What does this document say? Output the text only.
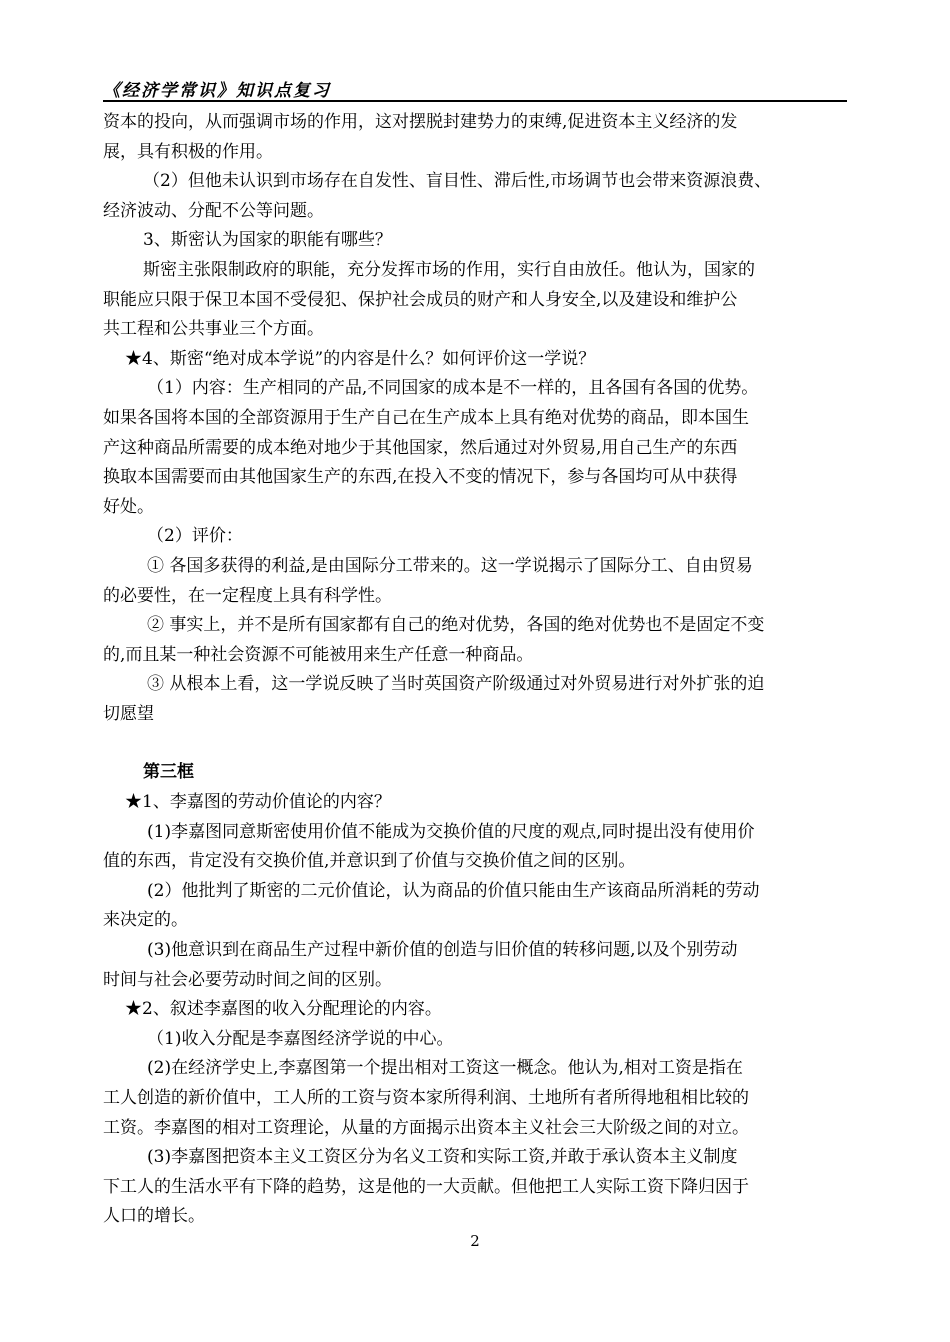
《经济学常识》知识点复习
资本的投向，从而强调市场的作用，这对摆脱封建势力的束缚,促进资本主义经济的发
展，具有积极的作用。
（2）但他未认识到市场存在自发性、盲目性、滞后性,市场调节也会带来资源浪费、
经济波动、分配不公等问题。
3、斯密认为国家的职能有哪些？
斯密主张限制政府的职能，充分发挥市场的作用，实行自由放任。他认为，国家的
职能应只限于保卫本国不受侵犯、保护社会成员的财产和人身安全,以及建设和维护公
共工程和公共事业三个方面。
★4、斯密“绝对成本学说”的内容是什么？如何评价这一学说？
（1）内容：生产相同的产品,不同国家的成本是不一样的，且各国有各国的优势。
如果各国将本国的全部资源用于生产自己在生产成本上具有绝对优势的商品，即本国生
产这种商品所需要的成本绝对地少于其他国家，然后通过对外贸易,用自己生产的东西
换取本国需要而由其他国家生产的东西,在投入不变的情况下，参与各国均可从中获得
好处。
（2）评价：
① 各国多获得的利益,是由国际分工带来的。这一学说揭示了国际分工、自由贸易
的必要性，在一定程度上具有科学性。
② 事实上，并不是所有国家都有自己的绝对优势，各国的绝对优势也不是固定不变
的,而且某一种社会资源不可能被用来生产任意一种商品。
③ 从根本上看，这一学说反映了当时英国资产阶级通过对外贸易进行对外扩张的迫
切愿望
第三框
★1、李嘉图的劳动价值论的内容？
(1)李嘉图同意斯密使用价值不能成为交换价值的尺度的观点,同时提出没有使用价
值的东西，肯定没有交换价值,并意识到了价值与交换价值之间的区别。
(2）他批判了斯密的二元价值论，认为商品的价值只能由生产该商品所消耗的劳动
来决定的。
(3)他意识到在商品生产过程中新价值的创造与旧价值的转移问题,以及个别劳动
时间与社会必要劳动时间之间的区别。
★2、叙述李嘉图的收入分配理论的内容。
（1)收入分配是李嘉图经济学说的中心。
(2)在经济学史上,李嘉图第一个提出相对工资这一概念。他认为,相对工资是指在
工人创造的新价值中，工人所的工资与资本家所得利润、土地所有者所得地租相比较的
工资。李嘉图的相对工资理论，从量的方面揭示出资本主义社会三大阶级之间的对立。
(3)李嘉图把资本主义工资区分为名义工资和实际工资,并敢于承认资本主义制度
下工人的生活水平有下降的趋势，这是他的一大贡献。但他把工人实际工资下降归因于
人口的增长。
2
